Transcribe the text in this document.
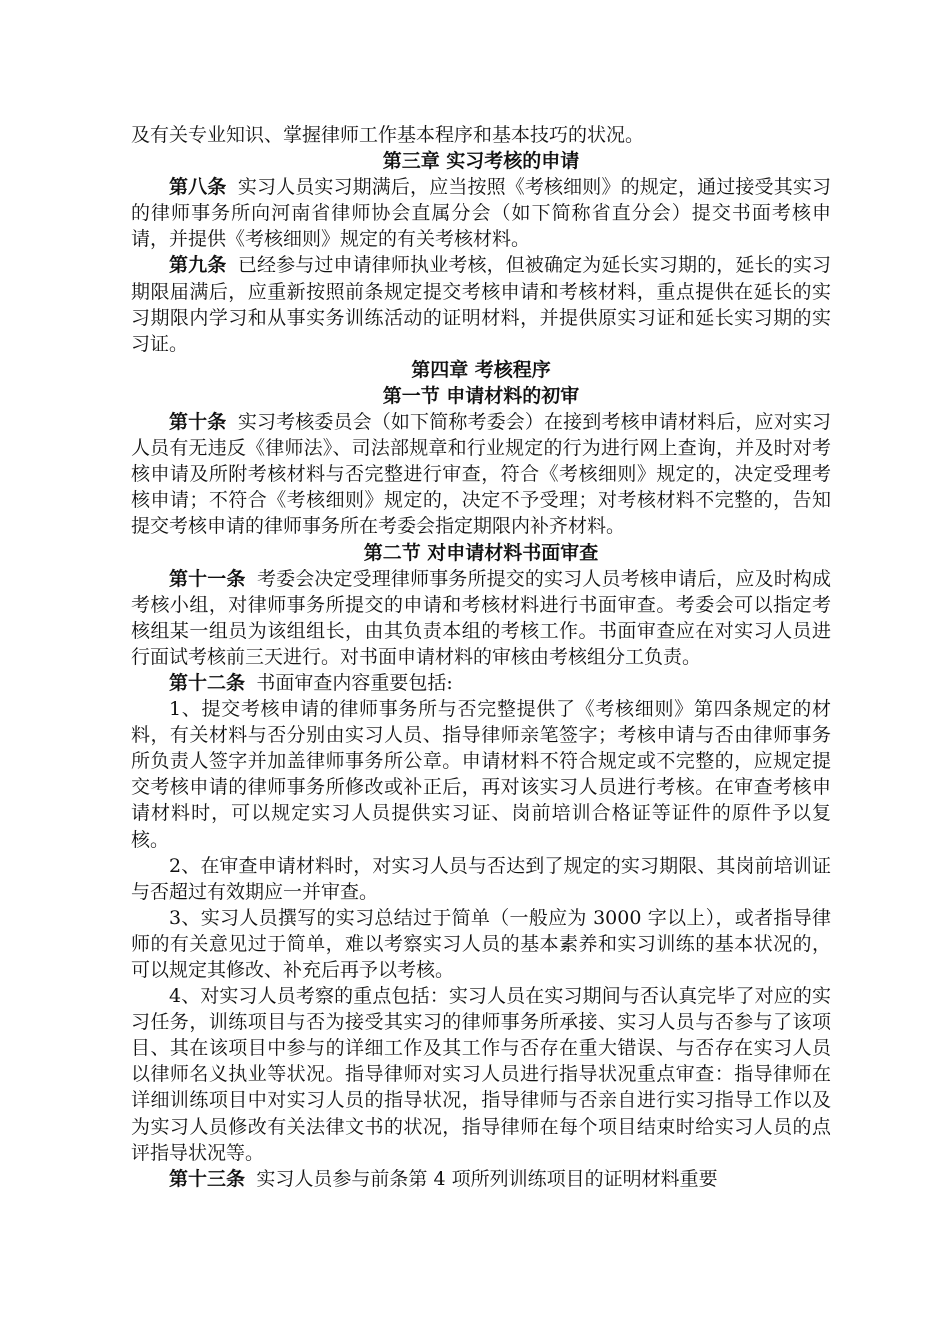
及有关专业知识、掌握律师工作基本程序和基本技巧的状况。

第三章 实习考核的申请

第八条 实习人员实习期满后，应当按照《考核细则》的规定，通过接受其实习的律师事务所向河南省律师协会直属分会（如下简称省直分会）提交书面考核申请，并提供《考核细则》规定的有关考核材料。

第九条 已经参与过申请律师执业考核，但被确定为延长实习期的，延长的实习期限届满后，应重新按照前条规定提交考核申请和考核材料，重点提供在延长的实习期限内学习和从事实务训练活动的证明材料，并提供原实习证和延长实习期的实习证。

第四章 考核程序

第一节 申请材料的初审

第十条 实习考核委员会（如下简称考委会）在接到考核申请材料后，应对实习人员有无违反《律师法》、司法部规章和行业规定的行为进行网上查询，并及时对考核申请及所附考核材料与否完整进行审查，符合《考核细则》规定的，决定受理考核申请；不符合《考核细则》规定的，决定不予受理；对考核材料不完整的，告知提交考核申请的律师事务所在考委会指定期限内补齐材料。

第二节 对申请材料书面审查

第十一条 考委会决定受理律师事务所提交的实习人员考核申请后，应及时构成考核小组，对律师事务所提交的申请和考核材料进行书面审查。考委会可以指定考核组某一组员为该组组长，由其负责本组的考核工作。书面审查应在对实习人员进行面试考核前三天进行。对书面申请材料的审核由考核组分工负责。

第十二条 书面审查内容重要包括:

1、提交考核申请的律师事务所与否完整提供了《考核细则》第四条规定的材料，有关材料与否分别由实习人员、指导律师亲笔签字；考核申请与否由律师事务所负责人签字并加盖律师事务所公章。申请材料不符合规定或不完整的，应规定提交考核申请的律师事务所修改或补正后，再对该实习人员进行考核。在审查考核申请材料时，可以规定实习人员提供实习证、岗前培训合格证等证件的原件予以复核。

2、在审查申请材料时，对实习人员与否达到了规定的实习期限、其岗前培训证与否超过有效期应一并审查。

3、实习人员撰写的实习总结过于简单（一般应为 3000 字以上），或者指导律师的有关意见过于简单，难以考察实习人员的基本素养和实习训练的基本状况的，可以规定其修改、补充后再予以考核。

4、对实习人员考察的重点包括：实习人员在实习期间与否认真完毕了对应的实习任务，训练项目与否为接受其实习的律师事务所承接、实习人员与否参与了该项目、其在该项目中参与的详细工作及其工作与否存在重大错误、与否存在实习人员以律师名义执业等状况。指导律师对实习人员进行指导状况重点审查：指导律师在详细训练项目中对实习人员的指导状况，指导律师与否亲自进行实习指导工作以及为实习人员修改有关法律文书的状况，指导律师在每个项目结束时给实习人员的点评指导状况等。

第十三条 实习人员参与前条第 4 项所列训练项目的证明材料重要
